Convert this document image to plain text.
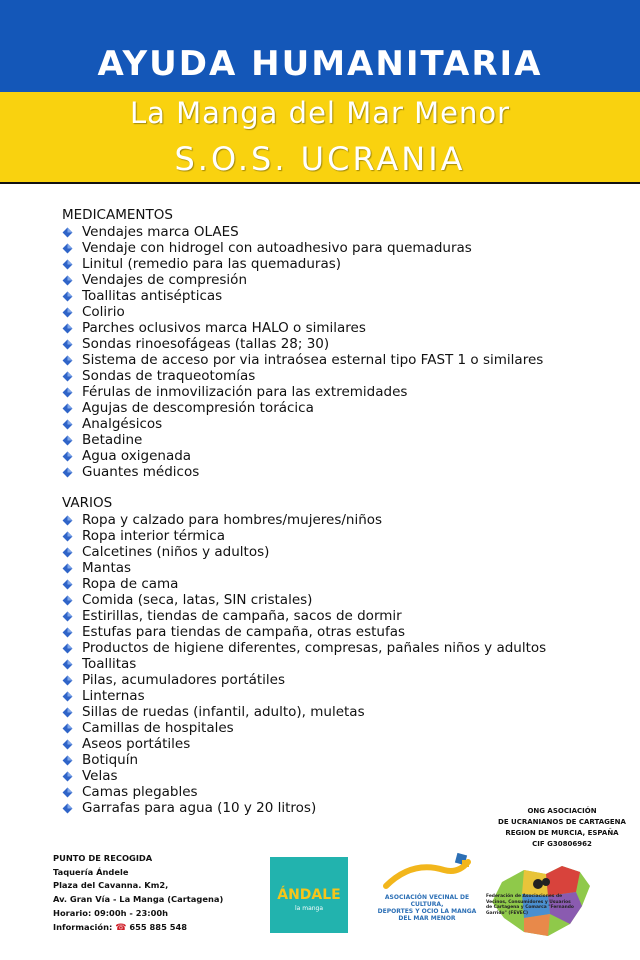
AYUDA HUMANITARIA
La Manga del Mar Menor
S.O.S. UCRANIA
MEDICAMENTOS
Vendajes marca OLAES
Vendaje con hidrogel con autoadhesivo para quemaduras
Linitul (remedio para las quemaduras)
Vendajes de compresión
Toallitas antisépticas
Colirio
Parches oclusivos marca HALO o similares
Sondas rinoesofágeas (tallas 28; 30)
Sistema de acceso por via intraósea esternal tipo FAST 1 o similares
Sondas de traqueotomías
Férulas de inmovilización para las extremidades
Agujas de descompresión torácica
Analgésicos
Betadine
Agua oxigenada
Guantes médicos
VARIOS
Ropa y calzado para hombres/mujeres/niños
Ropa interior térmica
Calcetines (niños y adultos)
Mantas
Ropa de cama
Comida (seca, latas, SIN cristales)
Estirillas, tiendas de campaña, sacos de dormir
Estufas para tiendas de campaña, otras estufas
Productos de higiene diferentes, compresas, pañales niños y adultos
Toallitas
Pilas, acumuladores portátiles
Linternas
Sillas de ruedas (infantil, adulto), muletas
Camillas de hospitales
Aseos portátiles
Botiquín
Velas
Camas plegables
Garrafas para agua (10 y 20 litros)	ONG ASOCIACIÓN
DE UCRANIANOS DE CARTAGENA
REGION DE MURCIA, ESPAÑA
CIF G30806962
PUNTO DE RECOGIDA
Taquería Ándele
Plaza del Cavanna. Km2,
Av. Gran Vía - La Manga (Cartagena)
Horario: 09:00h - 23:00h
Información: ☎ 655 885 548
ÁNDALE
la manga
ASOCIACIÓN VECINAL DE CULTURA,
DEPORTES Y OCIO LA MANGA
DEL MAR MENOR
Federación de Asociaciones de Vecinos, Consumidores y Usuarios de Cartagena y Comarca "Fernando Garrido" (FEVEC)
